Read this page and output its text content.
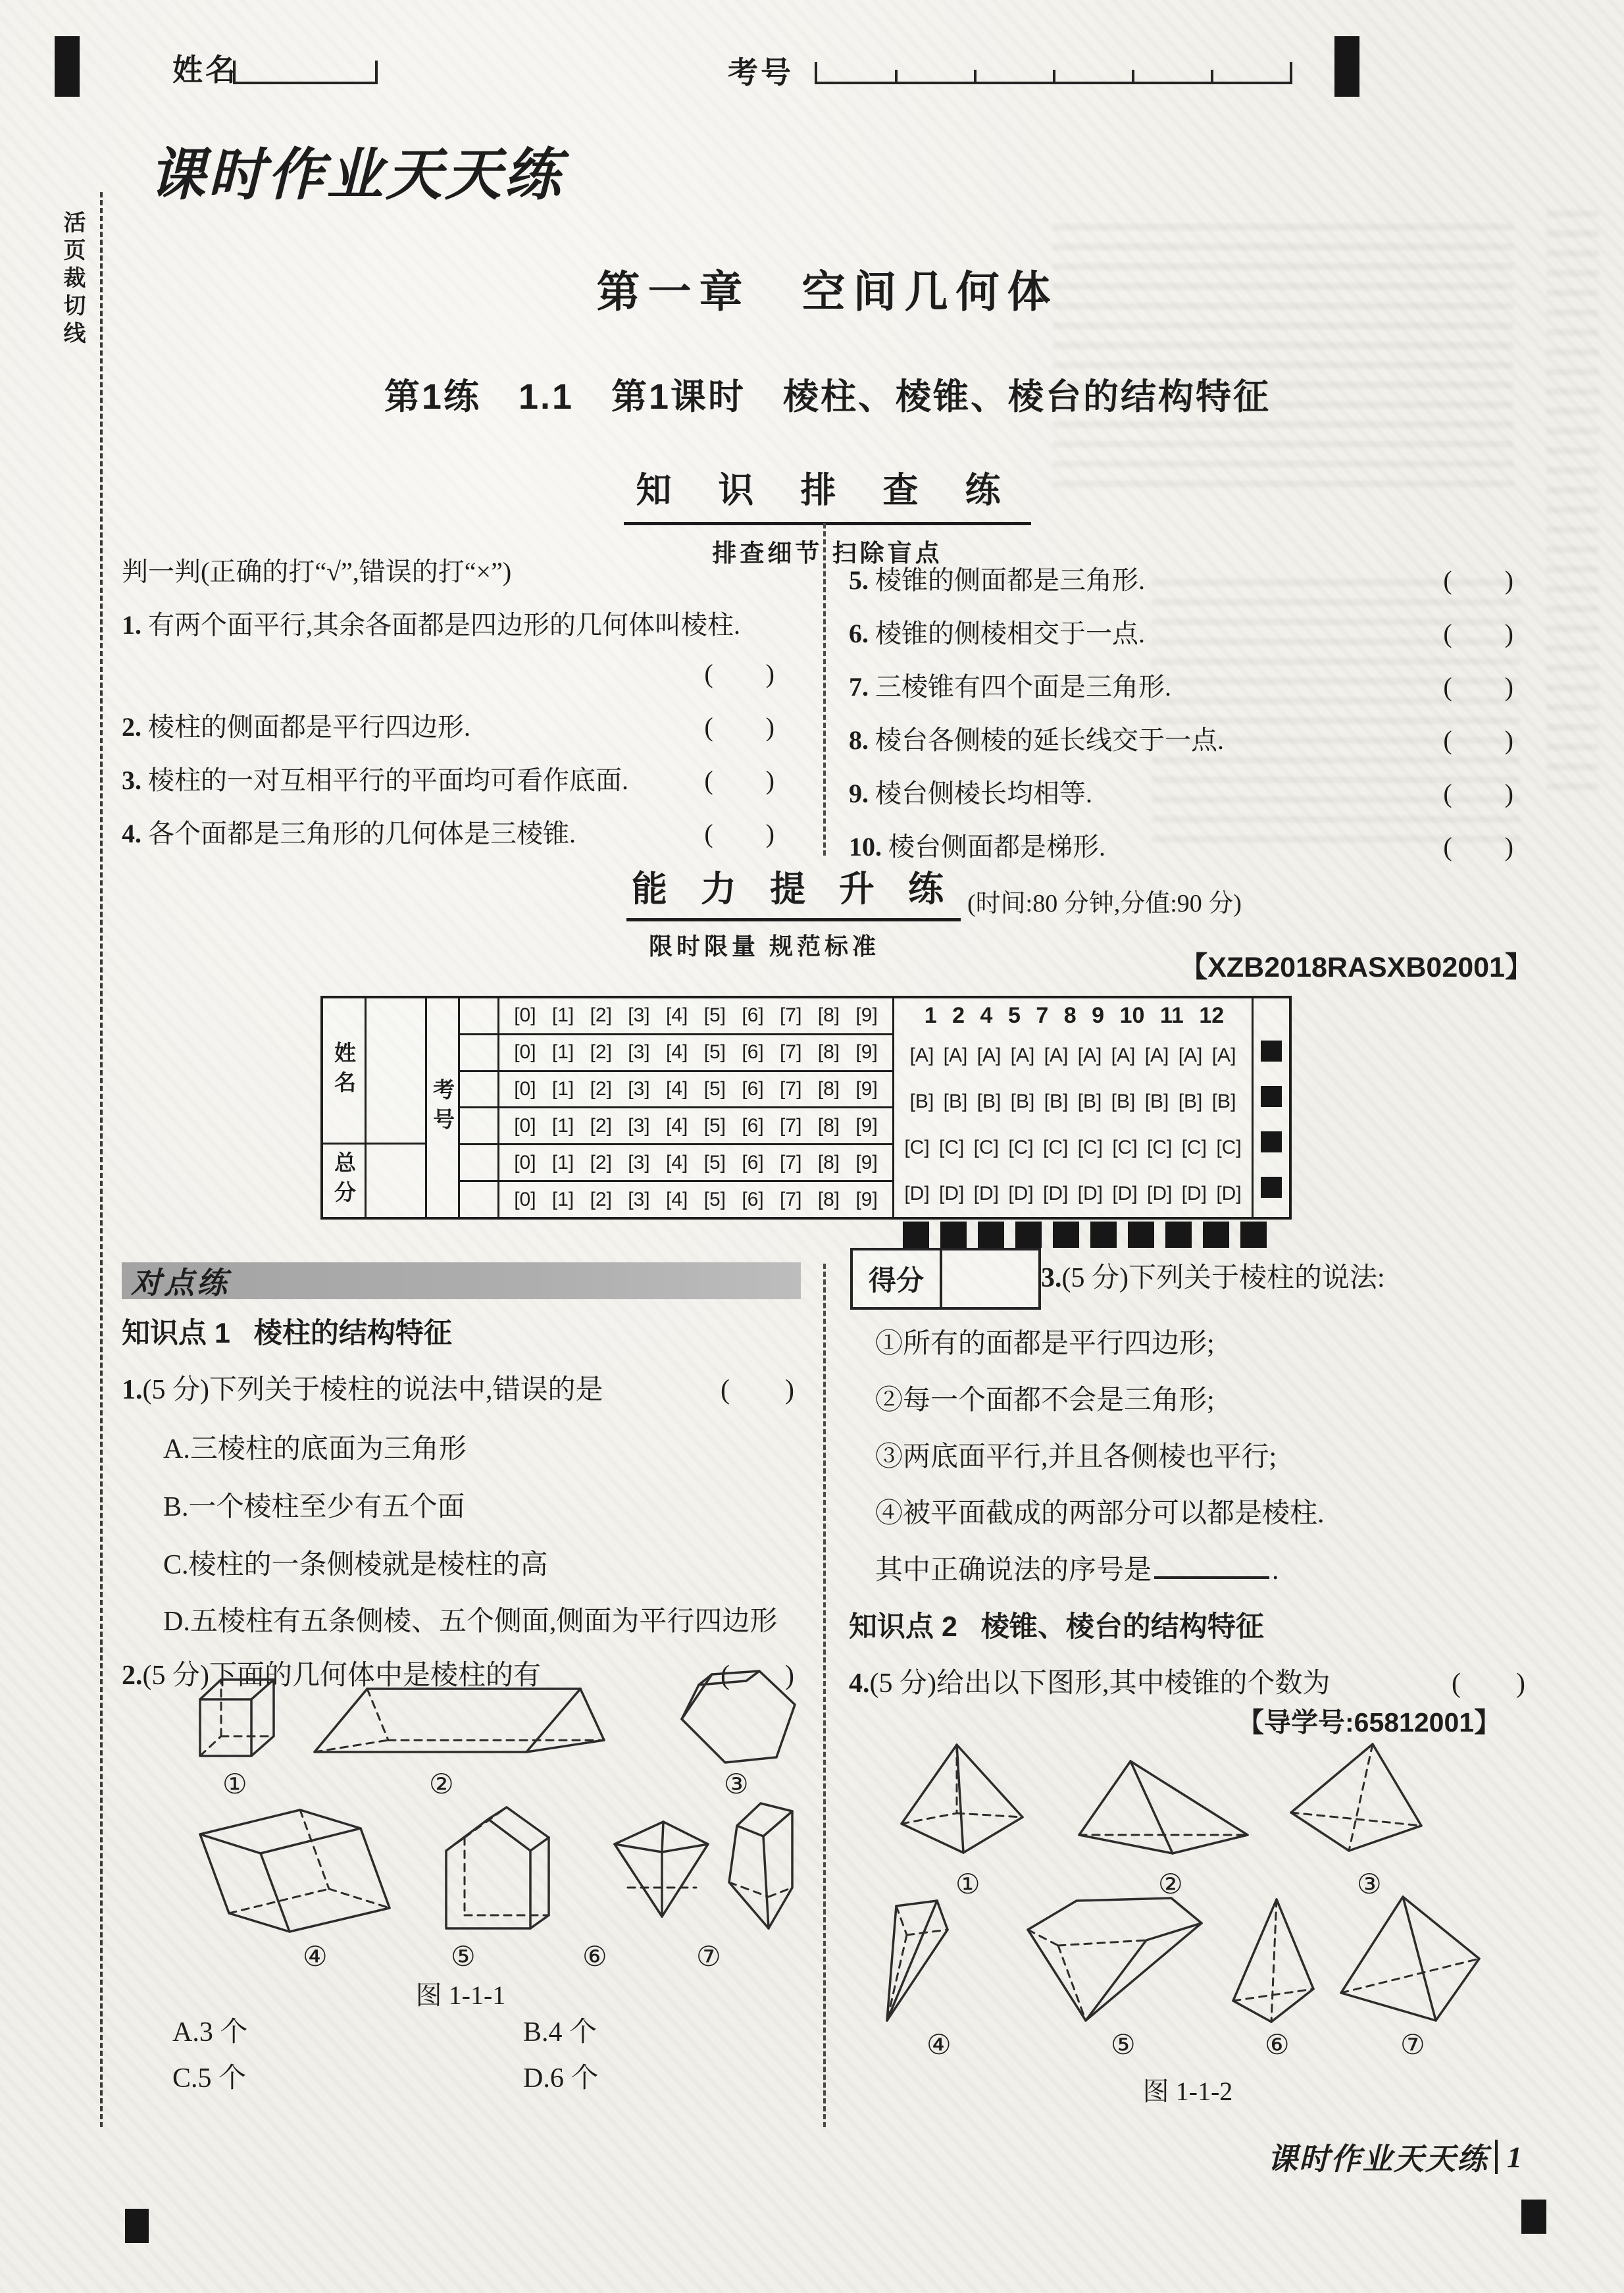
姓名	考号
活页裁切线
课时作业天天练
第一章　空间几何体
第1练　1.1　第1课时　棱柱、棱锥、棱台的结构特征
知 识 排 查 练
排查细节 扫除盲点
判一判(正确的打“√”,错误的打“×”)
1. 有两个面平行,其余各面都是四边形的几何体叫棱柱.
(　　)
2. 棱柱的侧面都是平行四边形.	(　　)
3. 棱柱的一对互相平行的平面均可看作底面.	(　　)
4. 各个面都是三角形的几何体是三棱锥.	(　　)
5. 棱锥的侧面都是三角形.	(　　)
6. 棱锥的侧棱相交于一点.	(　　)
7. 三棱锥有四个面是三角形.	(　　)
8. 棱台各侧棱的延长线交于一点.	(　　)
9. 棱台侧棱长均相等.	(　　)
10. 棱台侧面都是梯形.	(　　)
能 力 提 升 练 (时间:80 分钟,分值:90 分)
限时限量 规范标准
【XZB2018RASXB02001】
姓名
总分
考号
[0] [1] [2] [3] [4] [5] [6] [7] [8] [9]
[0] [1] [2] [3] [4] [5] [6] [7] [8] [9]
[0] [1] [2] [3] [4] [5] [6] [7] [8] [9]
[0] [1] [2] [3] [4] [5] [6] [7] [8] [9]
[0] [1] [2] [3] [4] [5] [6] [7] [8] [9]
[0] [1] [2] [3] [4] [5] [6] [7] [8] [9]
1 2 4 5 7 8 9 10 11 12
[A] [A] [A] [A] [A] [A] [A] [A] [A] [A]
[B] [B] [B] [B] [B] [B] [B] [B] [B] [B]
[C] [C] [C] [C] [C] [C] [C] [C] [C] [C]
[D] [D] [D] [D] [D] [D] [D] [D] [D] [D]
对点练
知识点 1 棱柱的结构特征
1.(5 分)下列关于棱柱的说法中,错误的是	(　　)
A.三棱柱的底面为三角形
B.一个棱柱至少有五个面
C.棱柱的一条侧棱就是棱柱的高
D.五棱柱有五条侧棱、五个侧面,侧面为平行四边形
2.(5 分)下面的几何体中是棱柱的有	(　　)
①	②	③
④	⑤	⑥	⑦
图 1-1-1
A.3 个	B.4 个
C.5 个	D.6 个
得分	3.(5 分)下列关于棱柱的说法:
①所有的面都是平行四边形;
②每一个面都不会是三角形;
③两底面平行,并且各侧棱也平行;
④被平面截成的两部分可以都是棱柱.
其中正确说法的序号是	.
知识点 2 棱锥、棱台的结构特征
4.(5 分)给出以下图形,其中棱锥的个数为	(　　)
【导学号:65812001】
①	②	③
④	⑤	⑥	⑦
图 1-1-2
课时作业天天练 1
